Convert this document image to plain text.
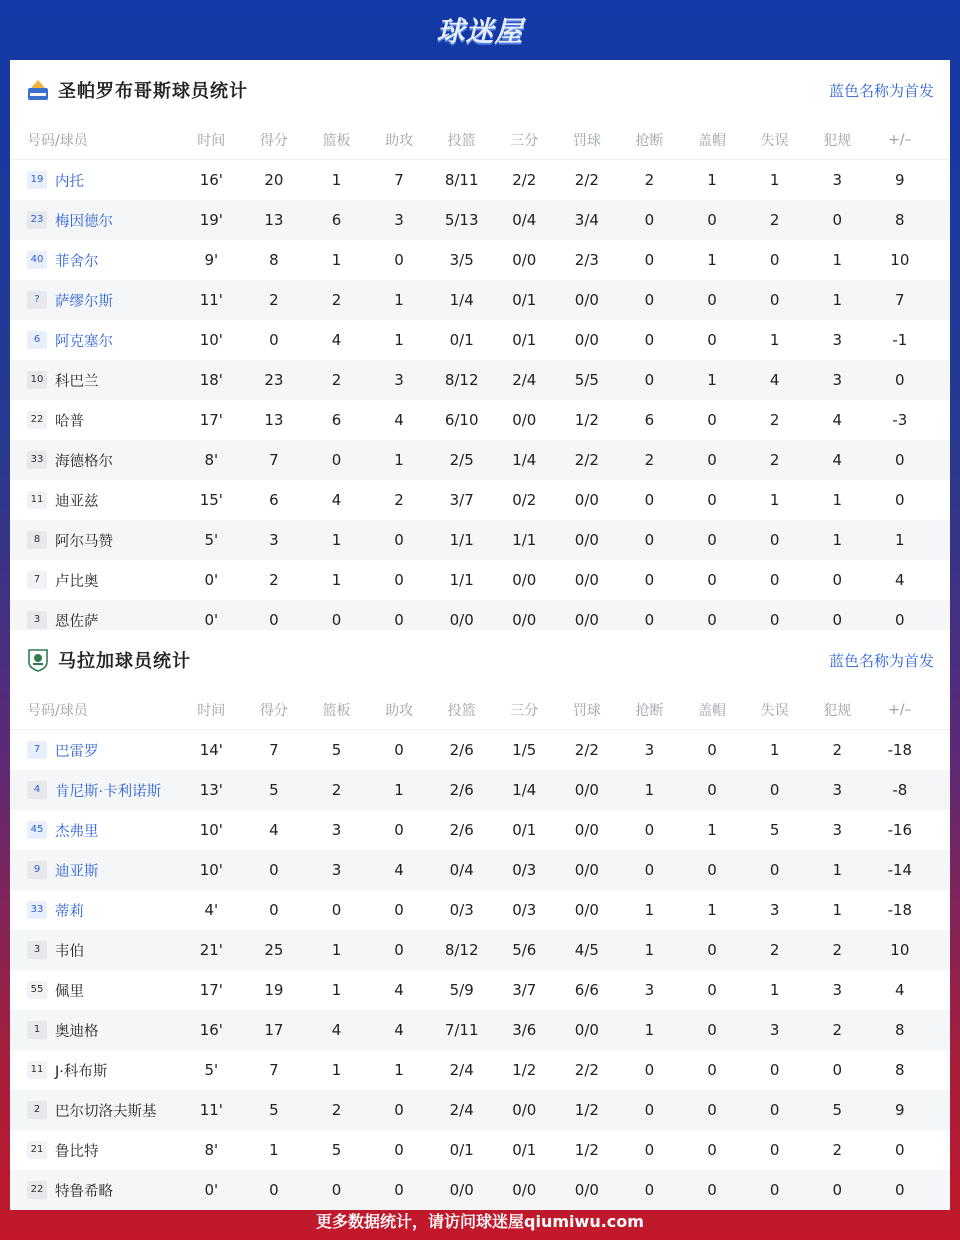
球迷屋
圣帕罗布哥斯球员统计	蓝色名称为首发
号码/球员	时间	得分	篮板	助攻	投篮	三分	罚球	抢断	盖帽	失误	犯规	+/–
19 内托	16'	20	1	7	8/11	2/2	2/2	2	1	1	3	9
23 梅因德尔	19'	13	6	3	5/13	0/4	3/4	0	0	2	0	8
40 菲舍尔	9'	8	1	0	3/5	0/0	2/3	0	1	0	1	10
?	萨缪尔斯	11'	2	2	1	1/4	0/1	0/0	0	0	0	1	7
6	阿克塞尔	10'	0	4	1	0/1	0/1	0/0	0	0	1	3	-1
10 科巴兰	18'	23	2	3	8/12	2/4	5/5	0	1	4	3	0
22 哈普	17'	13	6	4	6/10	0/0	1/2	6	0	2	4	-3
33 海德格尔	8'	7	0	1	2/5	1/4	2/2	2	0	2	4	0
11 迪亚兹	15'	6	4	2	3/7	0/2	0/0	0	0	1	1	0
8	阿尔马赞	5'	3	1	0	1/1	1/1	0/0	0	0	0	1	1
7	卢比奥	0'	2	1	0	1/1	0/0	0/0	0	0	0	0	4
3	恩佐萨	0'	0	0	0	0/0	0/0	0/0	0	0	0	0	0
马拉加球员统计	蓝色名称为首发
号码/球员	时间	得分	篮板	助攻	投篮	三分	罚球	抢断	盖帽	失误	犯规	+/–
7	巴雷罗	14'	7	5	0	2/6	1/5	2/2	3	0	1	2	-18
4	肯尼斯·卡利诺斯	13'	5	2	1	2/6	1/4	0/0	1	0	0	3	-8
45 杰弗里	10'	4	3	0	2/6	0/1	0/0	0	1	5	3	-16
9	迪亚斯	10'	0	3	4	0/4	0/3	0/0	0	0	0	1	-14
33 蒂莉	4'	0	0	0	0/3	0/3	0/0	1	1	3	1	-18
3	韦伯	21'	25	1	0	8/12	5/6	4/5	1	0	2	2	10
55 佩里	17'	19	1	4	5/9	3/7	6/6	3	0	1	3	4
1	奥迪格	16'	17	4	4	7/11	3/6	0/0	1	0	3	2	8
11 J·科布斯	5'	7	1	1	2/4	1/2	2/2	0	0	0	0	8
2	巴尔切洛夫斯基	11'	5	2	0	2/4	0/0	1/2	0	0	0	5	9
21 鲁比特	8'	1	5	0	0/1	0/1	1/2	0	0	0	2	0
22 特鲁希略	0'	0	0	0	0/0	0/0	0/0	0	0	0	0	0
更多数据统计，请访问球迷屋qiumiwu.com
